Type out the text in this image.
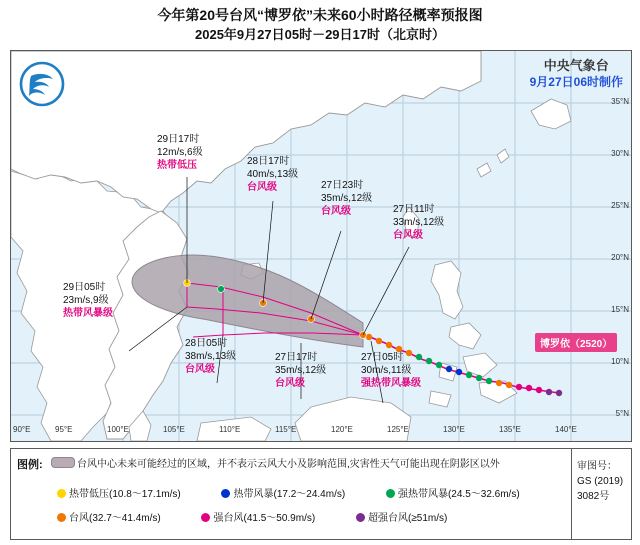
今年第20号台风“博罗依”未来60小时路径概率预报图
2025年9月27日05时－29日17时（北京时）
29日17时
12m/s,6级
热带低压	28日17时
40m/s,13级
台风级	27日23时
35m/s,12级
台风级	27日11时
33m/s,12级
台风级
29日05时
23m/s,9级
热带风暴级
28日05时
38m/s,13级
台风级
27日17时
35m/s,12级
台风级
27日05时
30m/s,11级
强热带风暴级
博罗依（2520）
中央气象台
9月27日06时制作
90°E	95°E	100°E	105°E	110°E	115°E	120°E	125°E	130°E	135°E	140°E
5°N
10°N
15°N
20°N
25°N
30°N
35°N
图例:	台风中心未来可能经过的区域，并不表示云风大小及影响范围,灾害性天气可能出现在阴影区以外
热带低压(10.8～17.1m/s)	热带风暴(17.2～24.4m/s)	强热带风暴(24.5～32.6m/s)
台风(32.7～41.4m/s)	强台风(41.5～50.9m/s)	超强台风(≥51m/s)
审图号：
GS (2019) 3082号
